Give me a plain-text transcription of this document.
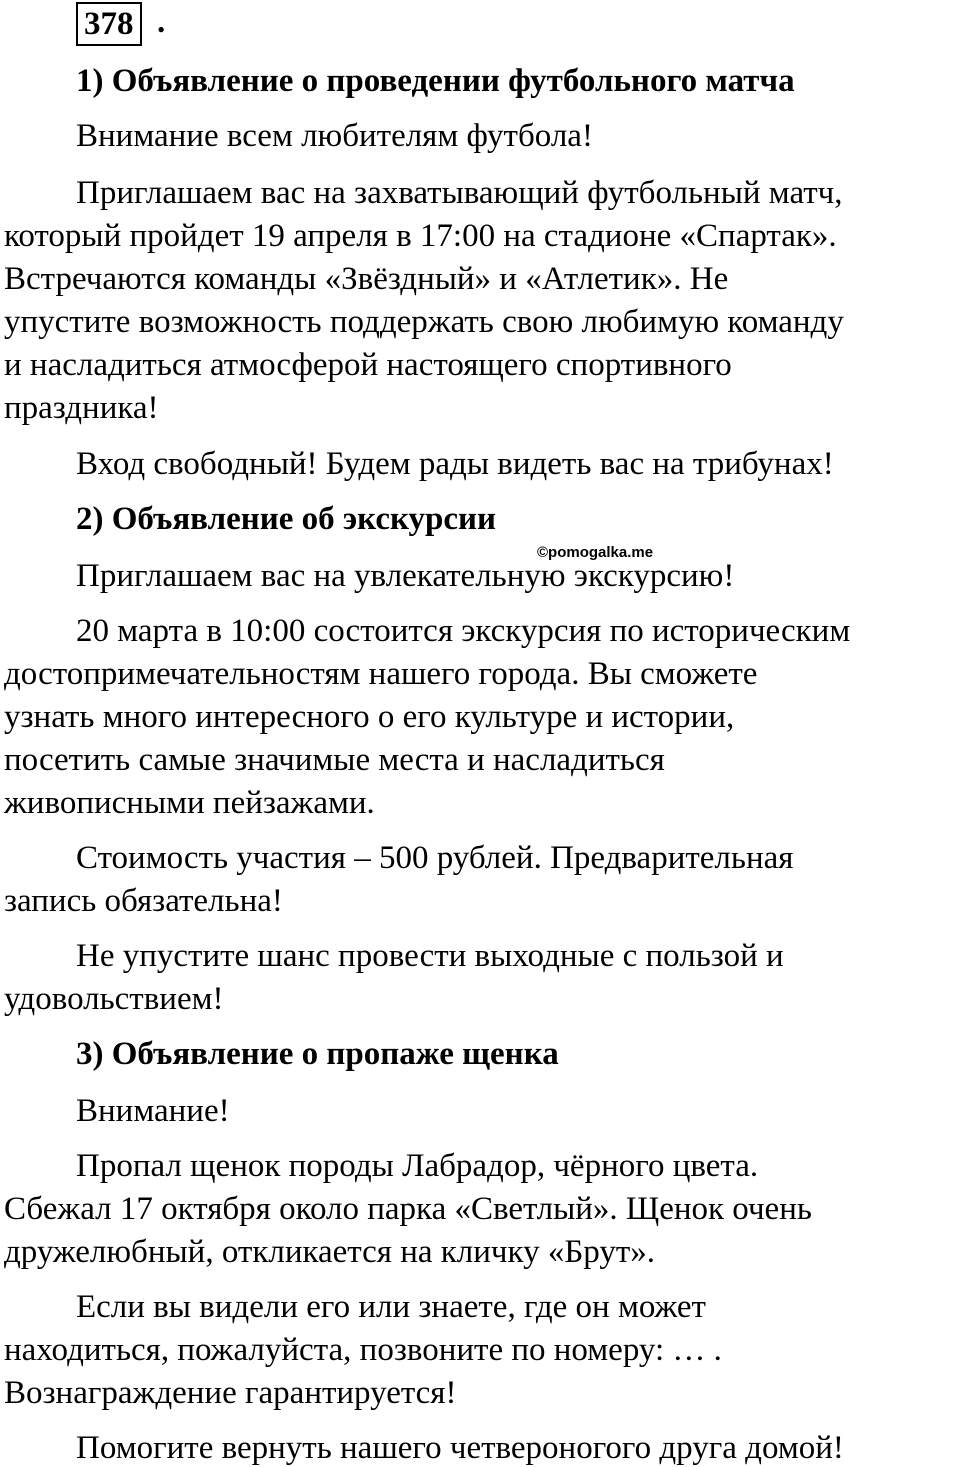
378 .
1) Объявление о проведении футбольного матча
Внимание всем любителям футбола!
Приглашаем вас на захватывающий футбольный матч,
который пройдет 19 апреля в 17:00 на стадионе «Спартак».
Встречаются команды «Звёздный» и «Атлетик». Не
упустите возможность поддержать свою любимую команду
и насладиться атмосферой настоящего спортивного
праздника!
Вход свободный! Будем рады видеть вас на трибунах!
2) Объявление об экскурсии
©pomogalka.me
Приглашаем вас на увлекательную экскурсию!
20 марта в 10:00 состоится экскурсия по историческим
достопримечательностям нашего города. Вы сможете
узнать много интересного о его культуре и истории,
посетить самые значимые места и насладиться
живописными пейзажами.
Стоимость участия – 500 рублей. Предварительная
запись обязательна!
Не упустите шанс провести выходные с пользой и
удовольствием!
3) Объявление о пропаже щенка
Внимание!
Пропал щенок породы Лабрадор, чёрного цвета.
Сбежал 17 октября около парка «Светлый». Щенок очень
дружелюбный, откликается на кличку «Брут».
Если вы видели его или знаете, где он может
находиться, пожалуйста, позвоните по номеру: … .
Вознаграждение гарантируется!
Помогите вернуть нашего четвероногого друга домой!
